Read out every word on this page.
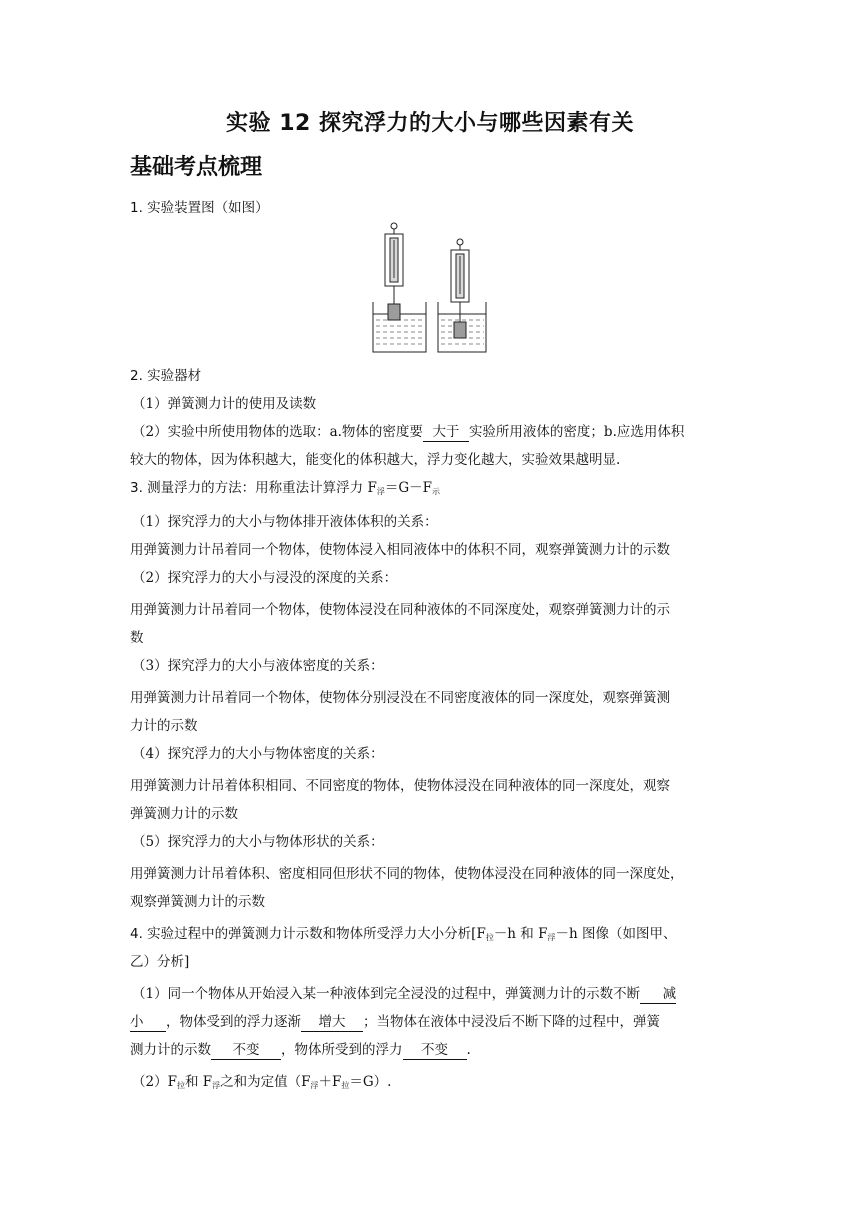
实验 12 探究浮力的大小与哪些因素有关
基础考点梳理
1. 实验装置图（如图）
2. 实验器材
（1）弹簧测力计的使用及读数
（2）实验中所使用物体的选取：a.物体的密度要 大于 实验所用液体的密度；b.应选用体积
较大的物体，因为体积越大，能变化的体积越大，浮力变化越大，实验效果越明显.
3. 测量浮力的方法：用称重法计算浮力 $F_浮=G-F_示$
（1）探究浮力的大小与物体排开液体体积的关系：
用弹簧测力计吊着同一个物体，使物体浸入相同液体中的体积不同，观察弹簧测力计的示数
（2）探究浮力的大小与浸没的深度的关系：
用弹簧测力计吊着同一个物体，使物体浸没在同种液体的不同深度处，观察弹簧测力计的示
数
（3）探究浮力的大小与液体密度的关系：
用弹簧测力计吊着同一个物体，使物体分别浸没在不同密度液体的同一深度处，观察弹簧测
力计的示数
（4）探究浮力的大小与物体密度的关系：
用弹簧测力计吊着体积相同、不同密度的物体，使物体浸没在同种液体的同一深度处，观察
弹簧测力计的示数
（5）探究浮力的大小与物体形状的关系：
用弹簧测力计吊着体积、密度相同但形状不同的物体，使物体浸没在同种液体的同一深度处，
观察弹簧测力计的示数
4. 实验过程中的弹簧测力计示数和物体所受浮力大小分析[$F_拉-h$ 和 $F_浮-h$ 图像（如图甲、
乙）分析]
（1）同一个物体从开始浸入某一种液体到完全浸没的过程中，弹簧测力计的示数不断 减
小 ，物体受到的浮力逐渐 增大 ；当物体在液体中浸没后不断下降的过程中，弹簧
测力计的示数 不变 ，物体所受到的浮力 不变 .
$(2)F_拉$和 $F_浮$之和为定值$(F_浮+F_拉=G)$.
